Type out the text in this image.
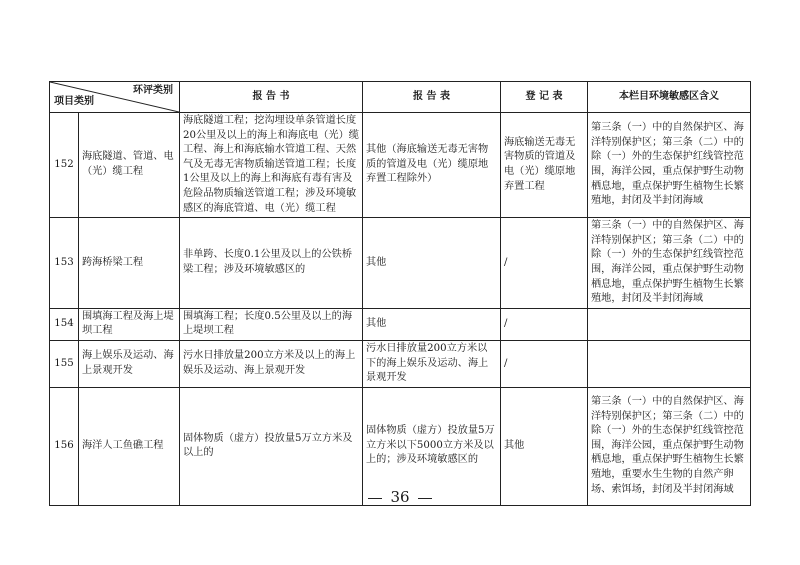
环评类别
项目类别		报 告 书	报 告 表	登 记 表	本栏目环境敏感区含义
152	海底隧道、管道、电（光）缆工程	海底隧道工程；挖沟埋设单条管道长度20公里及以上的海上和海底电（光）缆工程、海上和海底输水管道工程、天然气及无毒无害物质输送管道工程；长度1公里及以上的海上和海底有毒有害及危险品物质输送管道工程；涉及环境敏感区的海底管道、电（光）缆工程	其他（海底输送无毒无害物质的管道及电（光）缆原地弃置工程除外）	海底输送无毒无害物质的管道及电（光）缆原地弃置工程	第三条（一）中的自然保护区、海洋特别保护区；第三条（二）中的除（一）外的生态保护红线管控范围，海洋公园，重点保护野生动物栖息地，重点保护野生植物生长繁殖地，封闭及半封闭海域
153	跨海桥梁工程	非单跨、长度0.1公里及以上的公铁桥梁工程；涉及环境敏感区的	其他	/	第三条（一）中的自然保护区、海洋特别保护区；第三条（二）中的除（一）外的生态保护红线管控范围，海洋公园，重点保护野生动物栖息地，重点保护野生植物生长繁殖地，封闭及半封闭海域
154	围填海工程及海上堤坝工程	围填海工程；长度0.5公里及以上的海上堤坝工程	其他	/	
155	海上娱乐及运动、海上景观开发	污水日排放量200立方米及以上的海上娱乐及运动、海上景观开发	污水日排放量200立方米以下的海上娱乐及运动、海上景观开发	/	
156	海洋人工鱼礁工程	固体物质（虚方）投放量5万立方米及以上的	固体物质（虚方）投放量5万立方米以下5000立方米及以上的；涉及环境敏感区的	其他	第三条（一）中的自然保护区、海洋特别保护区；第三条（二）中的除（一）外的生态保护红线管控范围，海洋公园，重点保护野生动物栖息地，重点保护野生植物生长繁殖地，重要水生生物的自然产卵场、索饵场，封闭及半封闭海域
36
